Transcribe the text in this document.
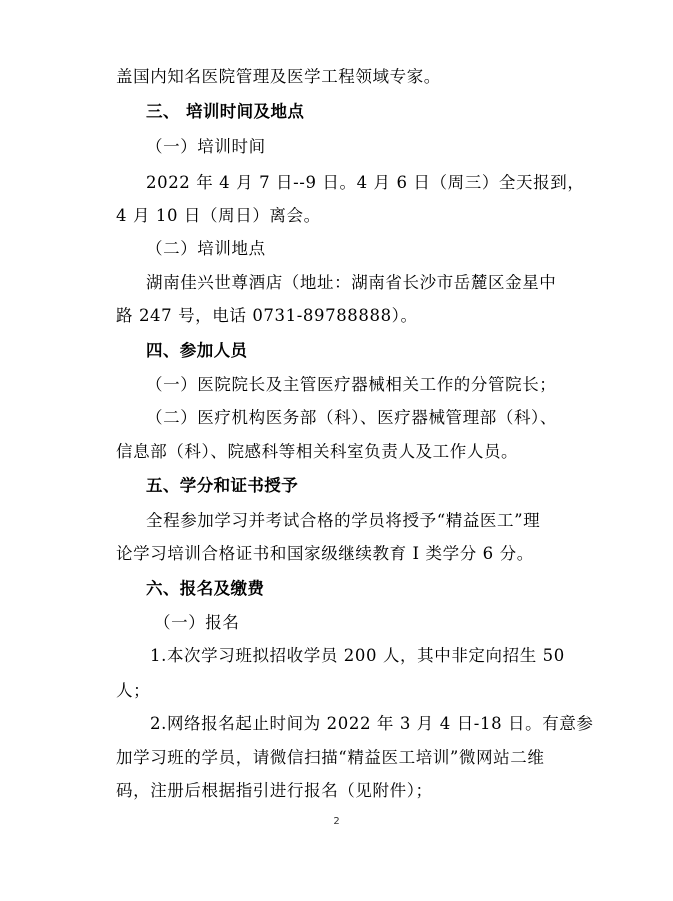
盖国内知名医院管理及医学工程领域专家。
三、 培训时间及地点
（一）培训时间
2022 年 4 月 7 日--9 日。4 月 6 日（周三）全天报到，
4 月 10 日（周日）离会。
（二）培训地点
湖南佳兴世尊酒店（地址：湖南省长沙市岳麓区金星中
路 247 号，电话 0731-89788888）。
四、参加人员
（一）医院院长及主管医疗器械相关工作的分管院长；
（二）医疗机构医务部（科）、医疗器械管理部（科）、
信息部（科）、院感科等相关科室负责人及工作人员。
五、学分和证书授予
全程参加学习并考试合格的学员将授予“精益医工”理
论学习培训合格证书和国家级继续教育 I 类学分 6 分。
六、报名及缴费
（一）报名
1.本次学习班拟招收学员 200 人，其中非定向招生 50
人；
2.网络报名起止时间为 2022 年 3 月 4 日-18 日。有意参
加学习班的学员，请微信扫描“精益医工培训”微网站二维
码，注册后根据指引进行报名（见附件）；
2
